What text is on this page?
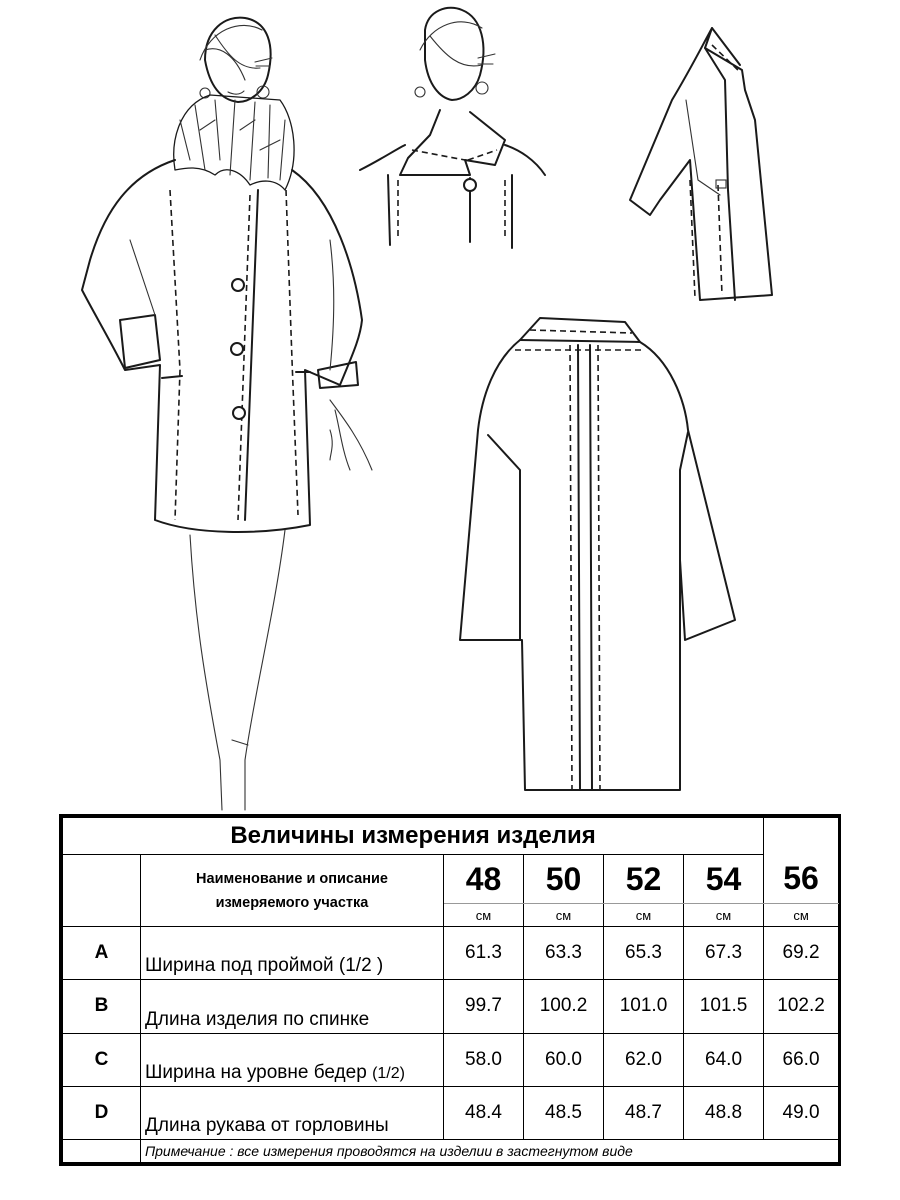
Величины измерения изделия						
	Наименование и описание
измеряемого участка	48	50	52	54	56
		см	см	см	см	см
A	Ширина под проймой (1/2 )	61.3	63.3	65.3	67.3	69.2
B	Длина изделия по спинке	99.7	100.2	101.0	101.5	102.2
C	Ширина на уровне бедер (1/2)	58.0	60.0	62.0	64.0	66.0
D	Длина рукава от горловины	48.4	48.5	48.7	48.8	49.0
	Примечание : все измерения проводятся на изделии в застегнутом виде					
